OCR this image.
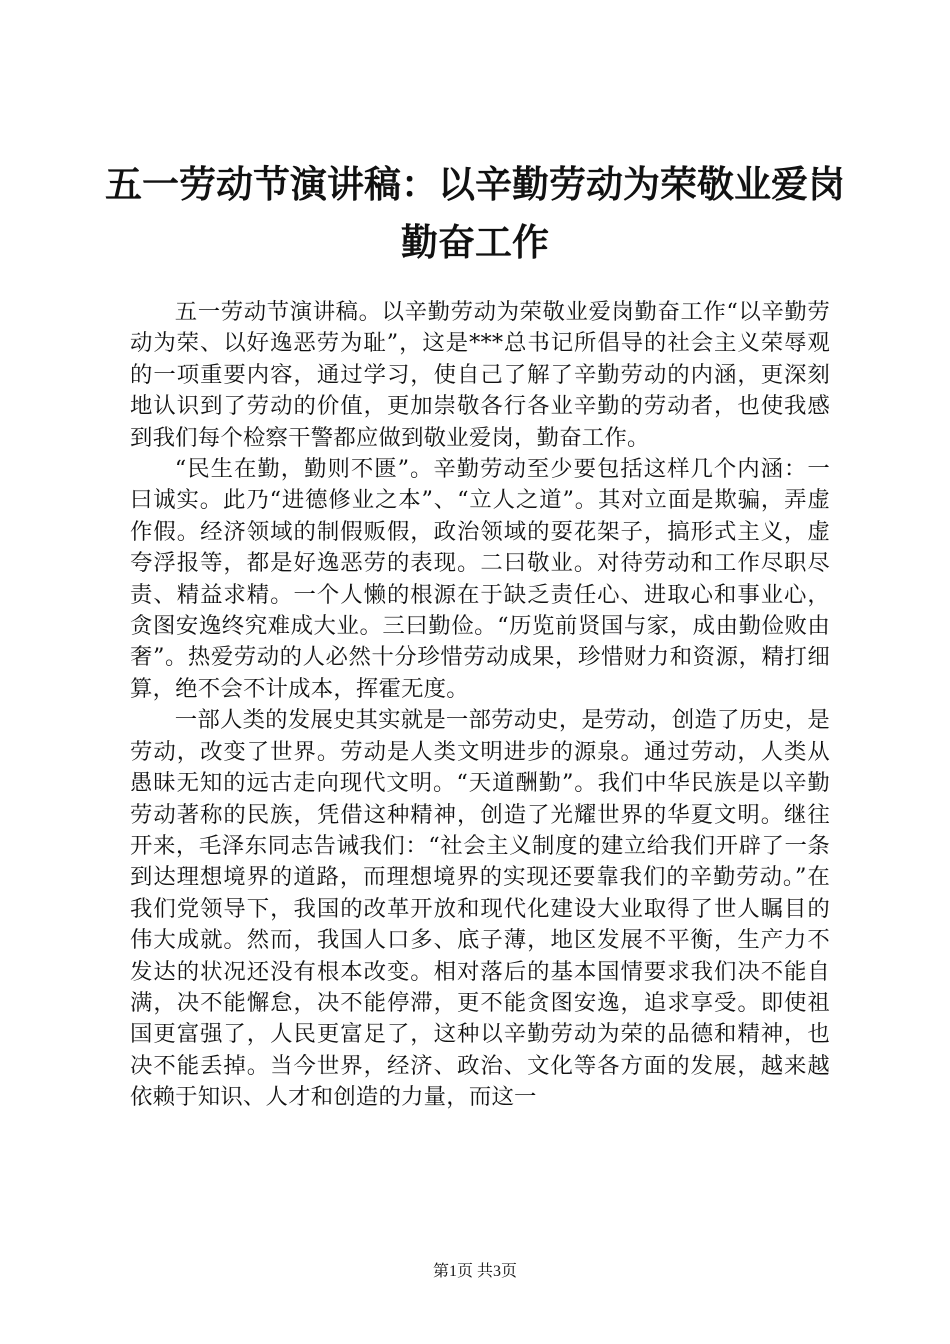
五一劳动节演讲稿：以辛勤劳动为荣敬业爱岗
勤奋工作

五一劳动节演讲稿。以辛勤劳动为荣敬业爱岗勤奋工作“以辛勤劳动为荣、以好逸恶劳为耻”，这是***总书记所倡导的社会主义荣辱观的一项重要内容，通过学习，使自己了解了辛勤劳动的内涵，更深刻地认识到了劳动的价值，更加崇敬各行各业辛勤的劳动者，也使我感到我们每个检察干警都应做到敬业爱岗，勤奋工作。

“民生在勤，勤则不匮”。辛勤劳动至少要包括这样几个内涵：一曰诚实。此乃“进德修业之本”、“立人之道”。其对立面是欺骗，弄虚作假。经济领域的制假贩假，政治领域的耍花架子，搞形式主义，虚夸浮报等，都是好逸恶劳的表现。二曰敬业。对待劳动和工作尽职尽责、精益求精。一个人懒的根源在于缺乏责任心、进取心和事业心，贪图安逸终究难成大业。三曰勤俭。“历览前贤国与家，成由勤俭败由奢”。热爱劳动的人必然十分珍惜劳动成果，珍惜财力和资源，精打细算，绝不会不计成本，挥霍无度。

一部人类的发展史其实就是一部劳动史，是劳动，创造了历史，是劳动，改变了世界。劳动是人类文明进步的源泉。通过劳动，人类从愚昧无知的远古走向现代文明。“天道酬勤”。我们中华民族是以辛勤劳动著称的民族，凭借这种精神，创造了光耀世界的华夏文明。继往开来，毛泽东同志告诫我们：“社会主义制度的建立给我们开辟了一条到达理想境界的道路，而理想境界的实现还要靠我们的辛勤劳动。”在我们党领导下，我国的改革开放和现代化建设大业取得了世人瞩目的伟大成就。然而，我国人口多、底子薄，地区发展不平衡，生产力不发达的状况还没有根本改变。相对落后的基本国情要求我们决不能自满，决不能懈怠，决不能停滞，更不能贪图安逸，追求享受。即使祖国更富强了，人民更富足了，这种以辛勤劳动为荣的品德和精神，也决不能丢掉。当今世界，经济、政治、文化等各方面的发展，越来越依赖于知识、人才和创造的力量，而这一

第1页 共3页
